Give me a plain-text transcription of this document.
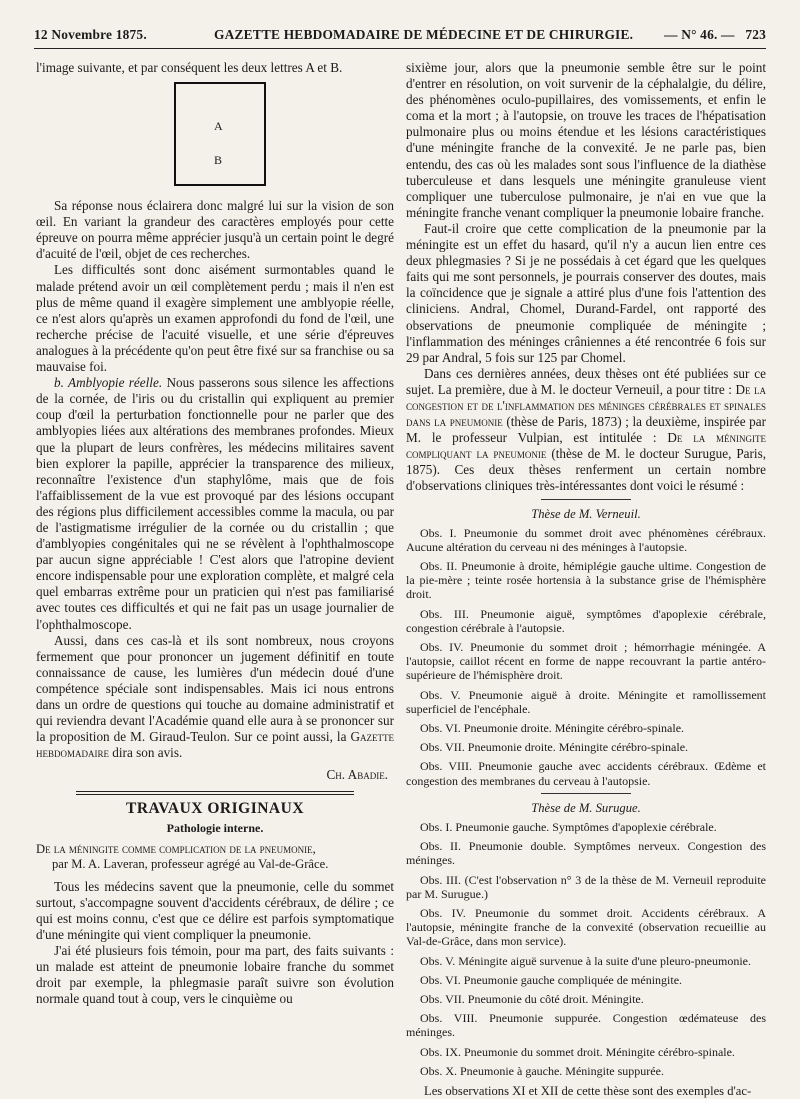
12 Novembre 1875.	GAZETTE HEBDOMADAIRE DE MÉDECINE ET DE CHIRURGIE. — N° 46. — 723

l'image suivante, et par conséquent les deux lettres A et B.

A
B

Sa réponse nous éclairera donc malgré lui sur la vision de son œil. En variant la grandeur des caractères employés pour cette épreuve on pourra même apprécier jusqu'à un certain point le degré d'acuité de l'œil, objet de ces recherches.

Les difficultés sont donc aisément surmontables quand le malade prétend avoir un œil complètement perdu ; mais il n'en est plus de même quand il exagère simplement une amblyopie réelle, ce n'est alors qu'après un examen approfondi du fond de l'œil, une recherche précise de l'acuité visuelle, et une série d'épreuves analogues à la précédente qu'on peut être fixé sur sa franchise ou sa mauvaise foi.

b. Amblyopie réelle. Nous passerons sous silence les affections de la cornée, de l'iris ou du cristallin qui expliquent au premier coup d'œil la perturbation fonctionnelle pour ne parler que des amblyopies liées aux altérations des membranes profondes. Mieux que la plupart de leurs confrères, les médecins militaires savent bien explorer la papille, apprécier la transparence des milieux, reconnaître l'existence d'un staphylôme, mais que de fois l'affaiblissement de la vue est provoqué par des lésions occupant des régions plus difficilement accessibles comme la macula, ou par de l'astigmatisme irrégulier de la cornée ou du cristallin ; que d'amblyopies congénitales qui ne se révèlent à l'ophthalmoscope par aucun signe appréciable ! C'est alors que l'atropine devient encore indispensable pour une exploration complète, et malgré cela quel embarras extrême pour un praticien qui n'est pas familiarisé avec toutes ces difficultés et qui ne fait pas un usage journalier de l'ophthalmoscope.

Aussi, dans ces cas-là et ils sont nombreux, nous croyons fermement que pour prononcer un jugement définitif en toute connaissance de cause, les lumières d'un médecin doué d'une compétence spéciale sont indispensables. Mais ici nous entrons dans un ordre de questions qui touche au domaine administratif et qui reviendra devant l'Académie quand elle aura à se prononcer sur la proposition de M. Giraud-Teulon. Sur ce point aussi, la Gazette hebdomadaire dira son avis.

Ch. Abadie.

TRAVAUX ORIGINAUX
Pathologie interne.

De la méningite comme complication de la pneumonie,

par M. A. Laveran, professeur agrégé au Val-de-Grâce.

Tous les médecins savent que la pneumonie, celle du sommet surtout, s'accompagne souvent d'accidents cérébraux, de délire ; ce qui est moins connu, c'est que ce délire est parfois symptomatique d'une méningite qui vient compliquer la pneumonie.

J'ai été plusieurs fois témoin, pour ma part, des faits suivants : un malade est atteint de pneumonie lobaire franche du sommet droit par exemple, la phlegmasie paraît suivre son évolution normale quand tout à coup, vers le cinquième ou

sixième jour, alors que la pneumonie semble être sur le point d'entrer en résolution, on voit survenir de la céphalalgie, du délire, des phénomènes oculo-pupillaires, des vomissements, et enfin le coma et la mort ; à l'autopsie, on trouve les traces de l'hépatisation pulmonaire plus ou moins étendue et les lésions caractéristiques d'une méningite franche de la convexité. Je ne parle pas, bien entendu, des cas où les malades sont sous l'influence de la diathèse tuberculeuse et dans lesquels une méningite granuleuse vient compliquer une tuberculose pulmonaire, je n'ai en vue que la méningite franche venant compliquer la pneumonie lobaire franche.

Faut-il croire que cette complication de la pneumonie par la méningite est un effet du hasard, qu'il n'y a aucun lien entre ces deux phlegmasies ? Si je ne possédais à cet égard que les quelques faits qui me sont personnels, je pourrais conserver des doutes, mais la coïncidence que je signale a attiré plus d'une fois l'attention des cliniciens. Andral, Chomel, Durand-Fardel, ont rapporté des observations de pneumonie compliquée de méningite ; l'inflammation des méninges crâniennes a été rencontrée 6 fois sur 29 par Andral, 5 fois sur 125 par Chomel.

Dans ces dernières années, deux thèses ont été publiées sur ce sujet. La première, due à M. le docteur Verneuil, a pour titre : De la congestion et de l'inflammation des méninges cérébrales et spinales dans la pneumonie (thèse de Paris, 1873) ; la deuxième, inspirée par M. le professeur Vulpian, est intitulée : De la méningite compliquant la pneumonie (thèse de M. le docteur Surugue, Paris, 1875). Ces deux thèses renferment un certain nombre d'observations cliniques très-intéressantes dont voici le résumé :

Thèse de M. Verneuil.

Obs. I. Pneumonie du sommet droit avec phénomènes cérébraux. Aucune altération du cerveau ni des méninges à l'autopsie.

Obs. II. Pneumonie à droite, hémiplégie gauche ultime. Congestion de la pie-mère ; teinte rosée hortensia à la substance grise de l'hémisphère droit.

Obs. III. Pneumonie aiguë, symptômes d'apoplexie cérébrale, congestion cérébrale à l'autopsie.

Obs. IV. Pneumonie du sommet droit ; hémorrhagie méningée. A l'autopsie, caillot récent en forme de nappe recouvrant la partie antéro-supérieure de l'hémisphère droit.

Obs. V. Pneumonie aiguë à droite. Méningite et ramollissement superficiel de l'encéphale.

Obs. VI. Pneumonie droite. Méningite cérébro-spinale.

Obs. VII. Pneumonie droite. Méningite cérébro-spinale.

Obs. VIII. Pneumonie gauche avec accidents cérébraux. Œdème et congestion des membranes du cerveau à l'autopsie.

Thèse de M. Surugue.

Obs. I. Pneumonie gauche. Symptômes d'apoplexie cérébrale.

Obs. II. Pneumonie double. Symptômes nerveux. Congestion des méninges.

Obs. III. (C'est l'observation n° 3 de la thèse de M. Verneuil reproduite par M. Surugue.)

Obs. IV. Pneumonie du sommet droit. Accidents cérébraux. A l'autopsie, méningite franche de la convexité (observation recueillie au Val-de-Grâce, dans mon service).

Obs. V. Méningite aiguë survenue à la suite d'une pleuro-pneumonie.

Obs. VI. Pneumonie gauche compliquée de méningite.

Obs. VII. Pneumonie du côté droit. Méningite.

Obs. VIII. Pneumonie suppurée. Congestion œdémateuse des méninges.

Obs. IX. Pneumonie du sommet droit. Méningite cérébro-spinale.

Obs. X. Pneumonie à gauche. Méningite suppurée.

Les observations XI et XII de cette thèse sont des exemples d'ac-
